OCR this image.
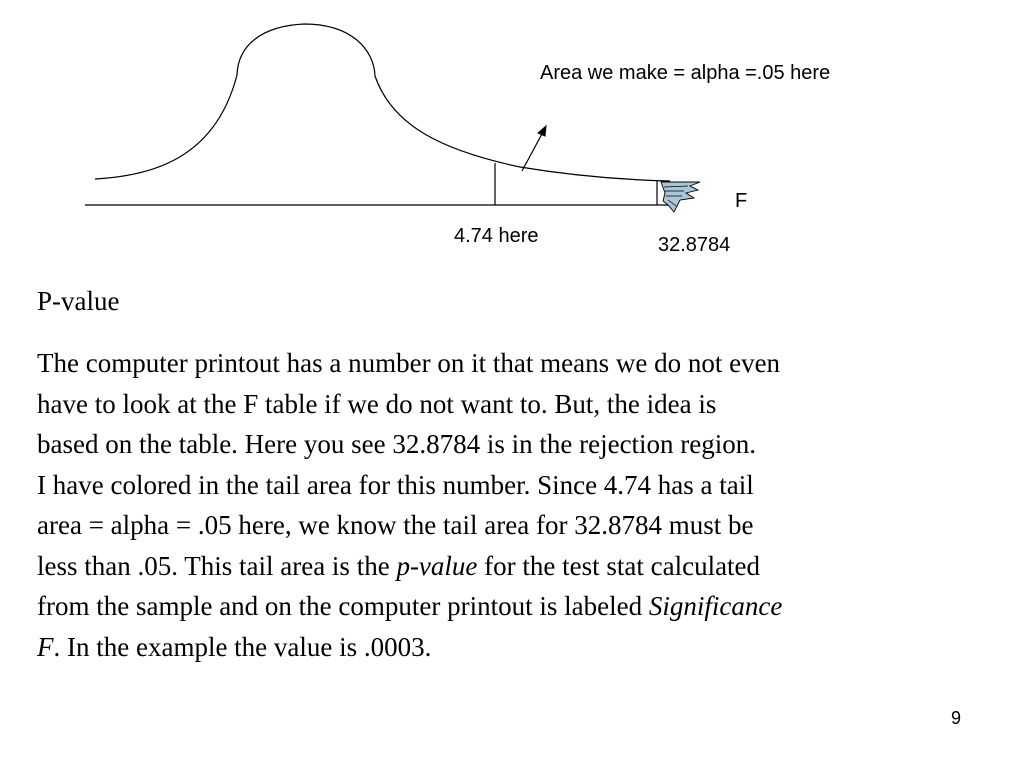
Area we make = alpha =.05 here
4.74 here	32.8784
F
P-value

The computer printout has a number on it that means we do not even
have to look at the F table if we do not want to. But, the idea is
based on the table. Here you see 32.8784 is in the rejection region.
I have colored in the tail area for this number. Since 4.74 has a tail
area = alpha = .05 here, we know the tail area for 32.8784 must be
less than .05. This tail area is the p-value for the test stat calculated
from the sample and on the computer printout is labeled Significance
F. In the example the value is .0003.

9
